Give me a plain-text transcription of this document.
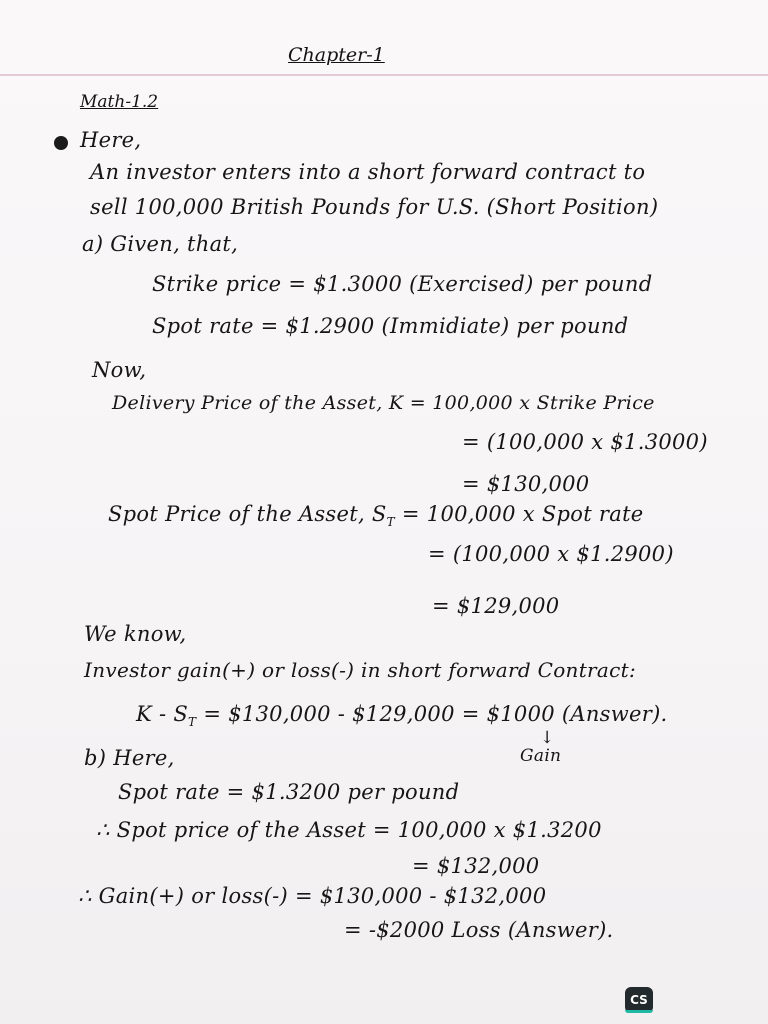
Chapter-1
Math-1.2
Here,
An investor enters into a short forward contract to
sell 100,000 British Pounds for U.S. (Short Position)
a) Given, that,
Strike price = $1.3000 (Exercised) per pound
Spot rate = $1.2900 (Immidiate) per pound
Now,
Delivery Price of the Asset, K = 100,000 x Strike Price
= (100,000 x $1.3000)
= $130,000
Spot Price of the Asset, $S_T = 100,000$ x Spot rate
= (100,000 x $1.2900)
= $129,000
We know,
Investor gain(+) or loss(-) in short forward Contract:
K - $S_T$ = $130,000 - $129,000 = $1000 (Answer).
↓
Gain
b) Here,
Spot rate = $1.3200 per pound
∴ Spot price of the Asset = 100,000 x $1.3200
= $132,000
∴ Gain(+) or loss(-) = $130,000 - $132,000
= -$2000 Loss (Answer).
CS
